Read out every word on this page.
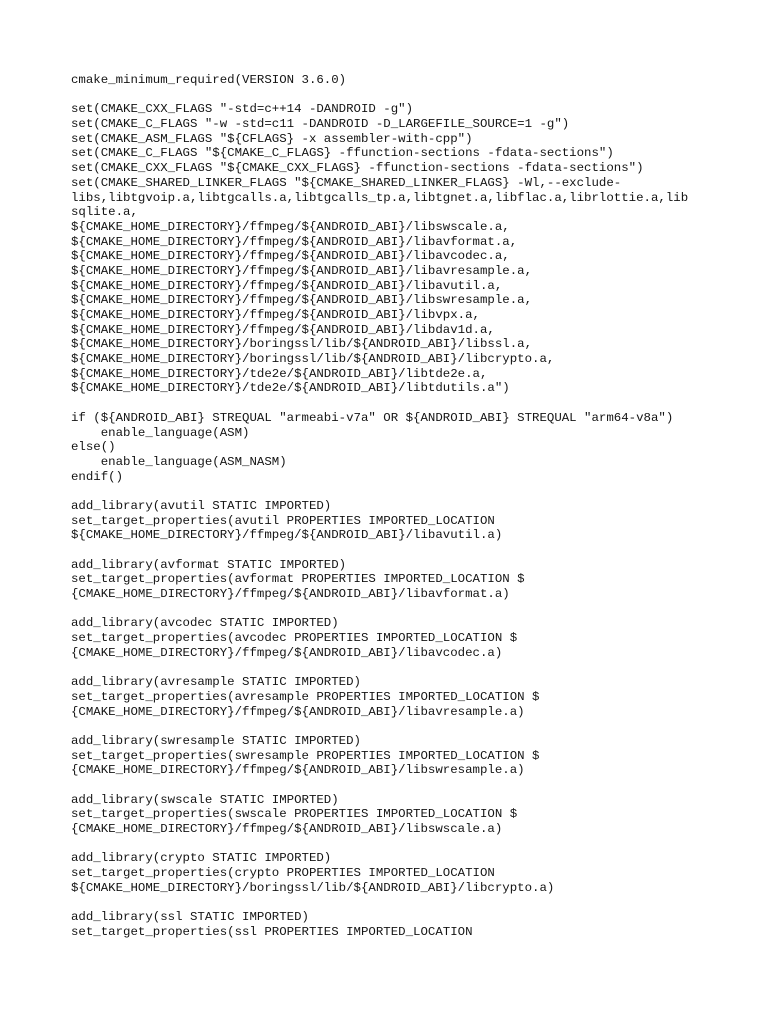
cmake_minimum_required(VERSION 3.6.0)
set(CMAKE_CXX_FLAGS "-std=c++14 -DANDROID -g")
set(CMAKE_C_FLAGS "-w -std=c11 -DANDROID -D_LARGEFILE_SOURCE=1 -g")
set(CMAKE_ASM_FLAGS "${CFLAGS} -x assembler-with-cpp")
set(CMAKE_C_FLAGS "${CMAKE_C_FLAGS} -ffunction-sections -fdata-sections")
set(CMAKE_CXX_FLAGS "${CMAKE_CXX_FLAGS} -ffunction-sections -fdata-sections")
set(CMAKE_SHARED_LINKER_FLAGS "${CMAKE_SHARED_LINKER_FLAGS} -Wl,--exclude-
libs,libtgvoip.a,libtgcalls.a,libtgcalls_tp.a,libtgnet.a,libflac.a,librlottie.a,lib
sqlite.a,
${CMAKE_HOME_DIRECTORY}/ffmpeg/${ANDROID_ABI}/libswscale.a,
${CMAKE_HOME_DIRECTORY}/ffmpeg/${ANDROID_ABI}/libavformat.a,
${CMAKE_HOME_DIRECTORY}/ffmpeg/${ANDROID_ABI}/libavcodec.a,
${CMAKE_HOME_DIRECTORY}/ffmpeg/${ANDROID_ABI}/libavresample.a,
${CMAKE_HOME_DIRECTORY}/ffmpeg/${ANDROID_ABI}/libavutil.a,
${CMAKE_HOME_DIRECTORY}/ffmpeg/${ANDROID_ABI}/libswresample.a,
${CMAKE_HOME_DIRECTORY}/ffmpeg/${ANDROID_ABI}/libvpx.a,
${CMAKE_HOME_DIRECTORY}/ffmpeg/${ANDROID_ABI}/libdav1d.a,
${CMAKE_HOME_DIRECTORY}/boringssl/lib/${ANDROID_ABI}/libssl.a,
${CMAKE_HOME_DIRECTORY}/boringssl/lib/${ANDROID_ABI}/libcrypto.a,
${CMAKE_HOME_DIRECTORY}/tde2e/${ANDROID_ABI}/libtde2e.a,
${CMAKE_HOME_DIRECTORY}/tde2e/${ANDROID_ABI}/libtdutils.a")
if (${ANDROID_ABI} STREQUAL "armeabi-v7a" OR ${ANDROID_ABI} STREQUAL "arm64-v8a")
enable_language(ASM)
else()
enable_language(ASM_NASM)
endif()
add_library(avutil STATIC IMPORTED)
set_target_properties(avutil PROPERTIES IMPORTED_LOCATION
${CMAKE_HOME_DIRECTORY}/ffmpeg/${ANDROID_ABI}/libavutil.a)
add_library(avformat STATIC IMPORTED)
set_target_properties(avformat PROPERTIES IMPORTED_LOCATION $
{CMAKE_HOME_DIRECTORY}/ffmpeg/${ANDROID_ABI}/libavformat.a)
add_library(avcodec STATIC IMPORTED)
set_target_properties(avcodec PROPERTIES IMPORTED_LOCATION $
{CMAKE_HOME_DIRECTORY}/ffmpeg/${ANDROID_ABI}/libavcodec.a)
add_library(avresample STATIC IMPORTED)
set_target_properties(avresample PROPERTIES IMPORTED_LOCATION $
{CMAKE_HOME_DIRECTORY}/ffmpeg/${ANDROID_ABI}/libavresample.a)
add_library(swresample STATIC IMPORTED)
set_target_properties(swresample PROPERTIES IMPORTED_LOCATION $
{CMAKE_HOME_DIRECTORY}/ffmpeg/${ANDROID_ABI}/libswresample.a)
add_library(swscale STATIC IMPORTED)
set_target_properties(swscale PROPERTIES IMPORTED_LOCATION $
{CMAKE_HOME_DIRECTORY}/ffmpeg/${ANDROID_ABI}/libswscale.a)
add_library(crypto STATIC IMPORTED)
set_target_properties(crypto PROPERTIES IMPORTED_LOCATION
${CMAKE_HOME_DIRECTORY}/boringssl/lib/${ANDROID_ABI}/libcrypto.a)
add_library(ssl STATIC IMPORTED)
set_target_properties(ssl PROPERTIES IMPORTED_LOCATION
